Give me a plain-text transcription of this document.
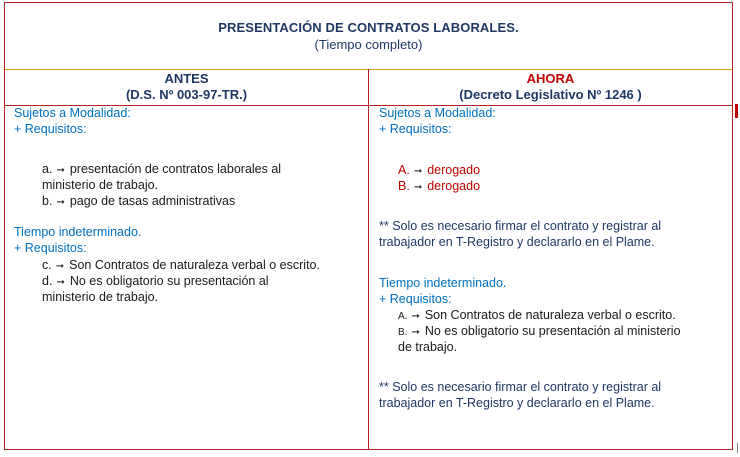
PRESENTACIÓN DE CONTRATOS LABORALES.
(Tiempo completo)
ANTES
(D.S. Nº 003-97-TR.)
AHORA
(Decreto Legislativo Nº 1246 )
Sujetos a Modalidad:
+ Requisitos:
a. ➞ presentación de contratos laborales al
ministerio de trabajo.
b. ➞ pago de tasas administrativas
Tiempo indeterminado.
+ Requisitos:
c. ➞ Son Contratos de naturaleza verbal o escrito.
d. ➞ No es obligatorio su presentación al
ministerio de trabajo.
Sujetos a Modalidad:
+ Requisitos:
A. ➞ derogado
B. ➞ derogado
** Solo es necesario firmar el contrato y registrar al
trabajador en T-Registro y declararlo en el Plame.
Tiempo indeterminado.
+ Requisitos:
A. ➞ Son Contratos de naturaleza verbal o escrito.
B. ➞ No es obligatorio su presentación al ministerio
de trabajo.
** Solo es necesario firmar el contrato y registrar al
trabajador en T-Registro y declararlo en el Plame.
